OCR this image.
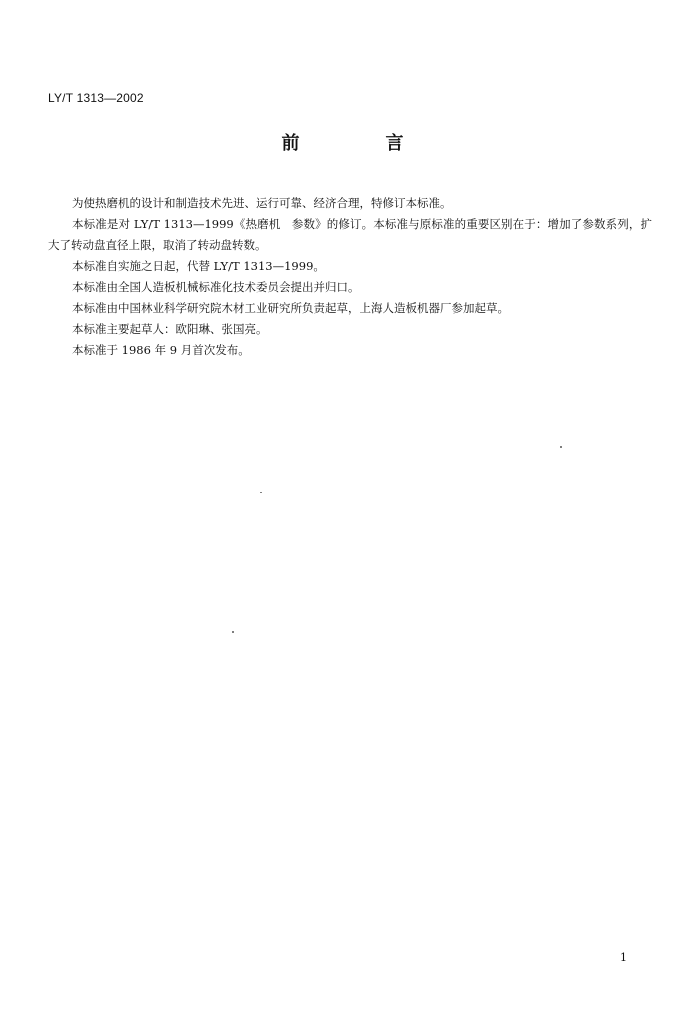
LY/T 1313—2002
前　言

为使热磨机的设计和制造技术先进、运行可靠、经济合理，特修订本标准。

本标准是对 LY/T 1313—1999《热磨机　参数》的修订。本标准与原标准的重要区别在于：增加了参数系列，扩大了转动盘直径上限，取消了转动盘转数。

本标准自实施之日起，代替 LY/T 1313—1999。

本标准由全国人造板机械标准化技术委员会提出并归口。

本标准由中国林业科学研究院木材工业研究所负责起草，上海人造板机器厂参加起草。

本标准主要起草人：欧阳琳、张国亮。

本标准于 1986 年 9 月首次发布。

1
